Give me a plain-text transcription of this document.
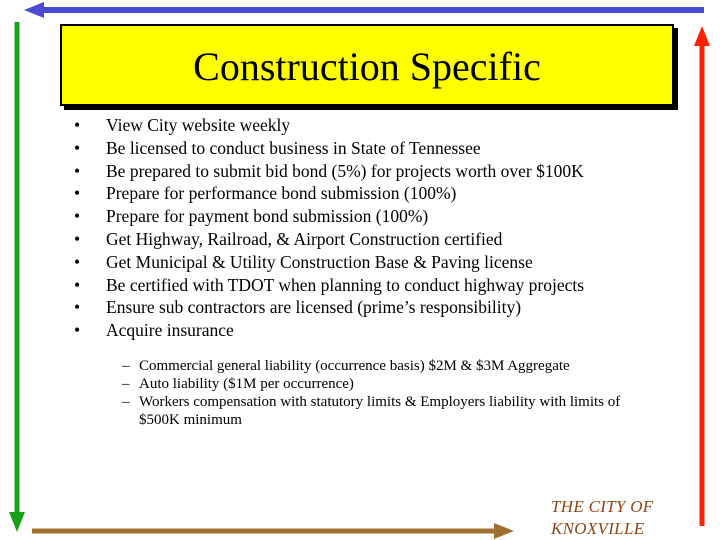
Construction Specific
• View City website weekly
• Be licensed to conduct business in State of Tennessee
• Be prepared to submit bid bond (5%) for projects worth over $100K
• Prepare for performance bond submission (100%)
• Prepare for payment bond submission (100%)
• Get Highway, Railroad, & Airport Construction certified
• Get Municipal & Utility Construction Base & Paving license
• Be certified with TDOT when planning to conduct highway projects
• Ensure sub contractors are licensed (prime’s responsibility)
• Acquire insurance
– Commercial general liability (occurrence basis) $2M & $3M Aggregate
– Auto liability ($1M per occurrence)
– Workers compensation with statutory limits & Employers liability with limits of $500K minimum
THE CITY OF
KNOXVILLE
